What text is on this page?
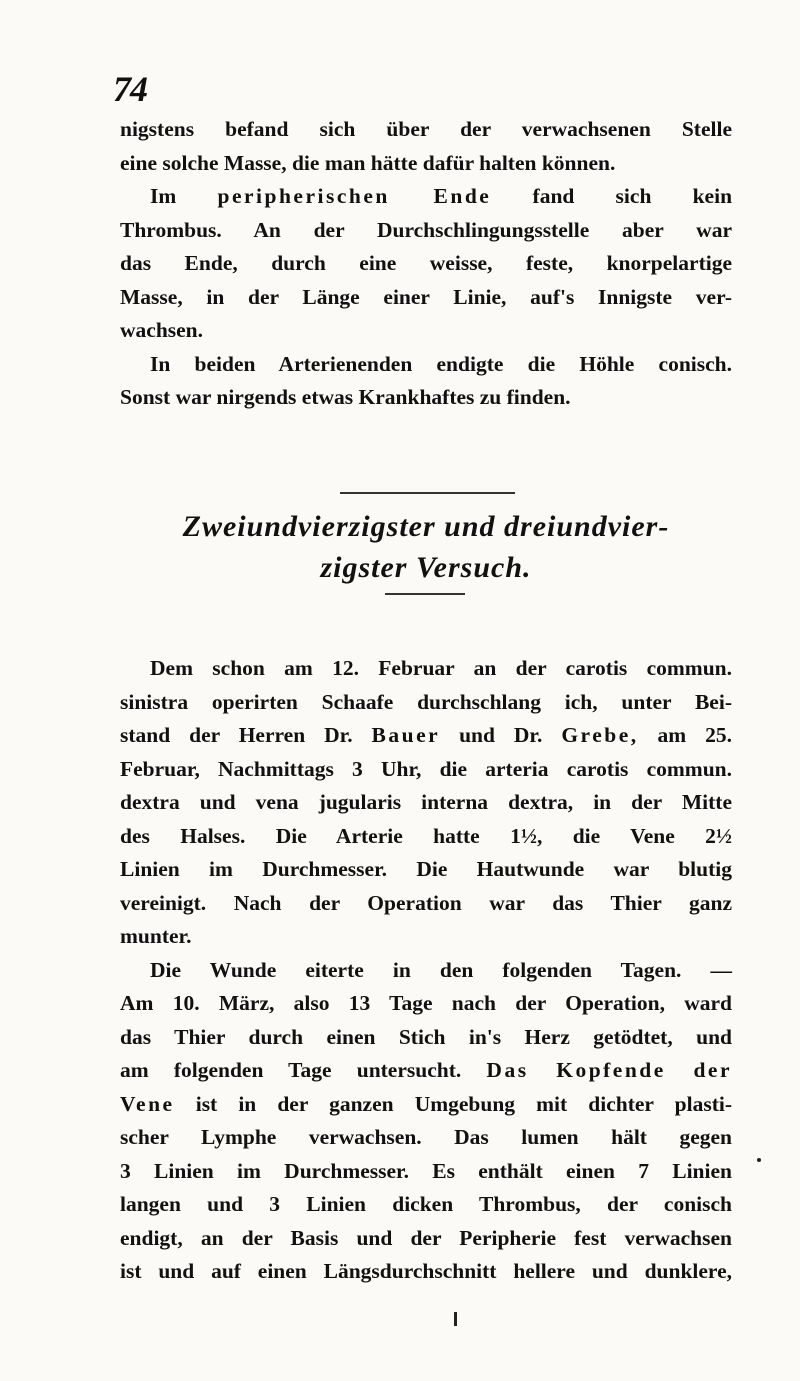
74
nigstens befand sich über der verwachsenen Stelle
eine solche Masse, die man hätte dafür halten können.
Im peripherischen Ende fand sich kein
Thrombus. An der Durchschlingungsstelle aber war
das Ende, durch eine weisse, feste, knorpelartige
Masse, in der Länge einer Linie, auf's Innigste ver-
wachsen.
In beiden Arterienenden endigte die Höhle conisch.
Sonst war nirgends etwas Krankhaftes zu finden.
Zweiundvierzigster und dreiundvier-
zigster Versuch.
Dem schon am 12. Februar an der carotis commun.
sinistra operirten Schaafe durchschlang ich, unter Bei-
stand der Herren Dr. Bauer und Dr. Grebe, am 25.
Februar, Nachmittags 3 Uhr, die arteria carotis commun.
dextra und vena jugularis interna dextra, in der Mitte
des Halses. Die Arterie hatte 1½, die Vene 2½
Linien im Durchmesser. Die Hautwunde war blutig
vereinigt. Nach der Operation war das Thier ganz
munter.
Die Wunde eiterte in den folgenden Tagen. —
Am 10. März, also 13 Tage nach der Operation, ward
das Thier durch einen Stich in's Herz getödtet, und
am folgenden Tage untersucht. Das Kopfende der
Vene ist in der ganzen Umgebung mit dichter plasti-
scher Lymphe verwachsen. Das lumen hält gegen
3 Linien im Durchmesser. Es enthält einen 7 Linien
langen und 3 Linien dicken Thrombus, der conisch
endigt, an der Basis und der Peripherie fest verwachsen
ist und auf einen Längsdurchschnitt hellere und dunklere,
